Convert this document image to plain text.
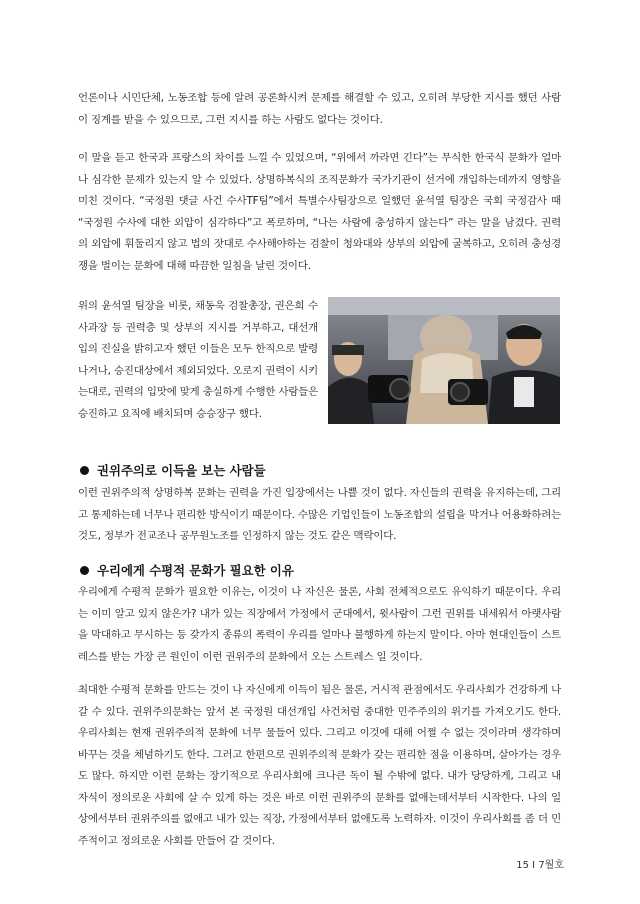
언론이나 시민단체, 노동조합 등에 알려 공론화시켜 문제를 해결할 수 있고, 오히려 부당한 지시를 했던 사람이 징계를 받을 수 있으므로, 그런 지시를 하는 사람도 없다는 것이다.
이 말을 듣고 한국과 프랑스의 차이를 느낄 수 있었으며, “위에서 까라면 긴다”는 무식한 한국식 문화가 얼마나 심각한 문제가 있는지 알 수 있었다. 상명하복식의 조직문화가 국가기관이 선거에 개입하는데까지 영향을 미친 것이다. “국정원 댓글 사건 수사TF팀”에서 특별수사팀장으로 일했던 윤석열 팀장은 국회 국정감사 때 “국정원 수사에 대한 외압이 심각하다”고 폭로하며, “나는 사람에 충성하지 않는다” 라는 말을 남겼다. 권력의 외압에 휘둘리지 않고 법의 잣대로 수사해야하는 검찰이 청와대와 상부의 외압에 굴복하고, 오히려 충성경쟁을 벌이는 문화에 대해 따끔한 일침을 날린 것이다.
위의 윤석열 팀장을 비롯, 채동욱 검찰총장, 권은희 수사과장 등 권력층 및 상부의 지시를 거부하고, 대선개입의 진실을 밝히고자 했던 이들은 모두 한직으로 발령나거나, 승진대상에서 제외되었다. 오로지 권력이 시키는대로, 권력의 입맛에 맞게 충실하게 수행한 사람들은 승진하고 요직에 배치되며 승승장구 했다.
권위주의로 이득을 보는 사람들
이런 권위주의적 상명하복 문화는 권력을 가진 입장에서는 나쁠 것이 없다. 자신들의 권력을 유지하는데, 그리고 통제하는데 너무나 편리한 방식이기 때문이다. 수많은 기업인들이 노동조합의 설립을 막거나 어용화하려는 것도, 정부가 전교조나 공무원노조를 인정하지 않는 것도 같은 맥락이다.
우리에게 수평적 문화가 필요한 이유
우리에게 수평적 문화가 필요한 이유는, 이것이 나 자신은 물론, 사회 전체적으로도 유익하기 때문이다. 우리는 이미 알고 있지 않은가? 내가 있는 직장에서 가정에서 군대에서, 윗사람이 그런 권위를 내세워서 아랫사람을 막대하고 무시하는 등 갖가지 종류의 폭력이 우리를 얼마나 불행하게 하는지 말이다. 아마 현대인들이 스트레스를 받는 가장 큰 원인이 이런 권위주의 문화에서 오는 스트레스 일 것이다.
최대한 수평적 문화를 만드는 것이 나 자신에게 이득이 됨은 물론, 거시적 관점에서도 우리사회가 건강하게 나갈 수 있다. 권위주의문화는 앞서 본 국정원 대선개입 사건처럼 중대한 민주주의의 위기를 가져오기도 한다. 우리사회는 현재 권위주의적 문화에 너무 물들어 있다. 그리고 이것에 대해 어쩔 수 없는 것이라며 생각하며 바꾸는 것을 체념하기도 한다. 그러고 한편으로 권위주의적 문화가 갖는 편리한 점을 이용하며, 살아가는 경우도 많다. 하지만 이런 문화는 장기적으로 우리사회에 크나큰 독이 될 수밖에 없다. 내가 당당하게, 그리고 내 자식이 정의로운 사회에 살 수 있게 하는 것은 바로 이런 권위주의 문화를 없애는데서부터 시작한다. 나의 일상에서부터 권위주의를 없애고 내가 있는 직장, 가정에서부터 없애도록 노력하자. 이것이 우리사회를 좀 더 민주적이고 정의로운 사회를 만들어 갈 것이다.
15 I 7월호
